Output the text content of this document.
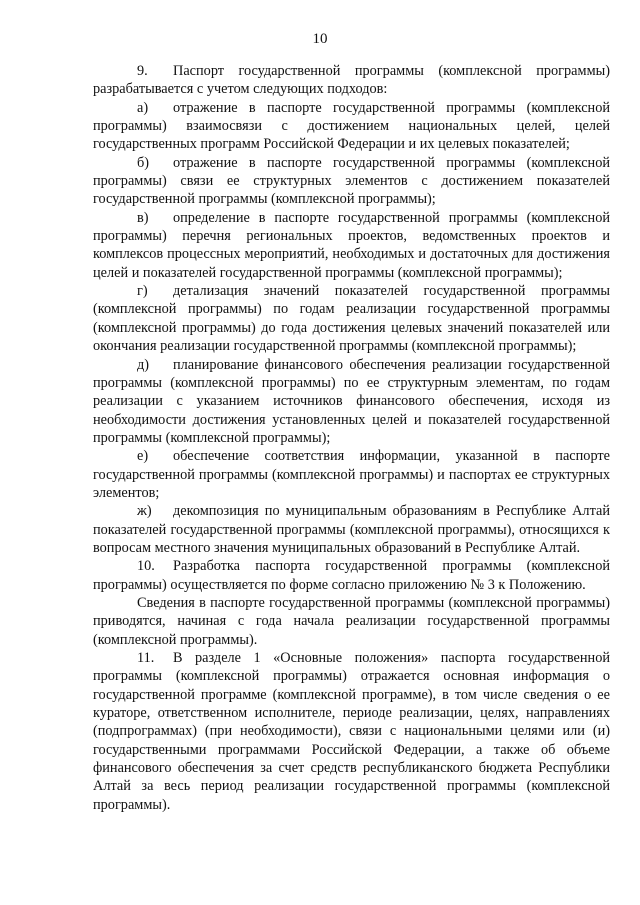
10

9. Паспорт государственной программы (комплексной программы) разрабатывается с учетом следующих подходов:

а) отражение в паспорте государственной программы (комплексной программы) взаимосвязи с достижением национальных целей, целей государственных программ Российской Федерации и их целевых показателей;

б) отражение в паспорте государственной программы (комплексной программы) связи ее структурных элементов с достижением показателей государственной программы (комплексной программы);

в) определение в паспорте государственной программы (комплексной программы) перечня региональных проектов, ведомственных проектов и комплексов процессных мероприятий, необходимых и достаточных для достижения целей и показателей государственной программы (комплексной программы);

г) детализация значений показателей государственной программы (комплексной программы) по годам реализации государственной программы (комплексной программы) до года достижения целевых значений показателей или окончания реализации государственной программы (комплексной программы);

д) планирование финансового обеспечения реализации государственной программы (комплексной программы) по ее структурным элементам, по годам реализации с указанием источников финансового обеспечения, исходя из необходимости достижения установленных целей и показателей государственной программы (комплексной программы);

е) обеспечение соответствия информации, указанной в паспорте государственной программы (комплексной программы) и паспортах ее структурных элементов;

ж) декомпозиция по муниципальным образованиям в Республике Алтай показателей государственной программы (комплексной программы), относящихся к вопросам местного значения муниципальных образований в Республике Алтай.

10. Разработка паспорта государственной программы (комплексной программы) осуществляется по форме согласно приложению № 3 к Положению.

Сведения в паспорте государственной программы (комплексной программы) приводятся, начиная с года начала реализации государственной программы (комплексной программы).

11. В разделе 1 «Основные положения» паспорта государственной программы (комплексной программы) отражается основная информация о государственной программе (комплексной программе), в том числе сведения о ее кураторе, ответственном исполнителе, периоде реализации, целях, направлениях (подпрограммах) (при необходимости), связи с национальными целями или (и) государственными программами Российской Федерации, а также об объеме финансового обеспечения за счет средств республиканского бюджета Республики Алтай за весь период реализации государственной программы (комплексной программы).
